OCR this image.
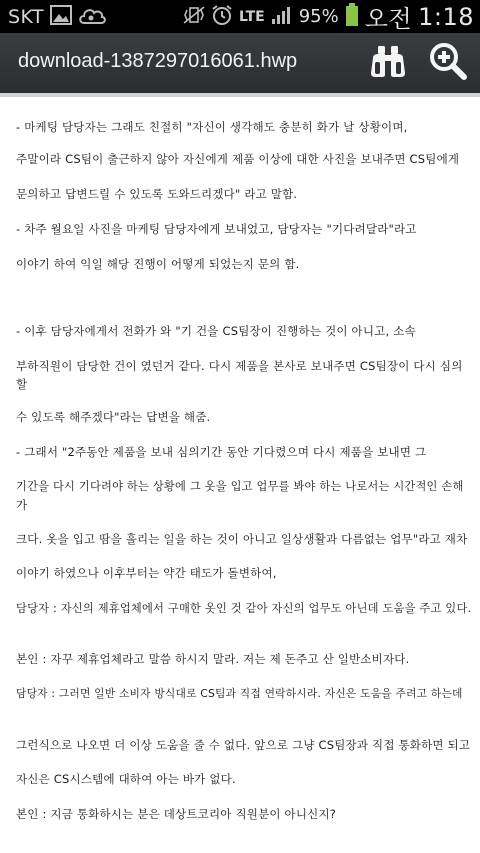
SKT	LTE 95% 오전 1:18
download-1387297016061.hwp
- 마케팅 담당자는 그래도 친절히 "자신이 생각해도 충분히 화가 날 상황이며,
주말이라 CS팀이 출근하지 않아 자신에게 제품 이상에 대한 사진을 보내주면 CS팀에게
문의하고 답변드릴 수 있도록 도와드리겠다" 라고 말함.
- 차주 월요일 사진을 마케팅 담당자에게 보내었고, 담당자는 "기다려달라"라고
이야기 하여 익일 해당 진행이 어떻게 되었는지 문의 함.
- 이후 담당자에게서 전화가 와 "기 건을 CS팀장이 진행하는 것이 아니고, 소속
부하직원이 담당한 건이 였던거 같다. 다시 제품을 본사로 보내주면 CS팀장이 다시 심의
할
수 있도록 해주겠다"라는 답변을 해줌.
- 그래서 "2주동안 제품을 보내 심의기간 동안 기다렸으며 다시 제품을 보내면 그
기간을 다시 기다려야 하는 상황에 그 옷을 입고 업무를 봐야 하는 나로서는 시간적인 손해
가
크다. 옷을 입고 땀을 흘리는 일을 하는 것이 아니고 일상생활과 다름없는 업무"라고 재차
이야기 하였으나 이후부터는 약간 태도가 돌변하여,
담당자 : 자신의 제휴업체에서 구매한 옷인 것 같아 자신의 업무도 아닌데 도움을 주고 있다.
본인 : 자꾸 제휴업체라고 말씀 하시지 말라. 저는 제 돈주고 산 일반소비자다.
담당자 : 그러면 일반 소비자 방식대로 CS팀과 직접 연락하시라. 자신은 도움을 주려고 하는데
그런식으로 나오면 더 이상 도움을 줄 수 없다. 앞으로 그냥 CS팀장과 직접 통화하면 되고
자신은 CS시스템에 대하여 아는 바가 없다.
본인 : 지금 통화하시는 분은 데상트코리아 직원분이 아니신지?
